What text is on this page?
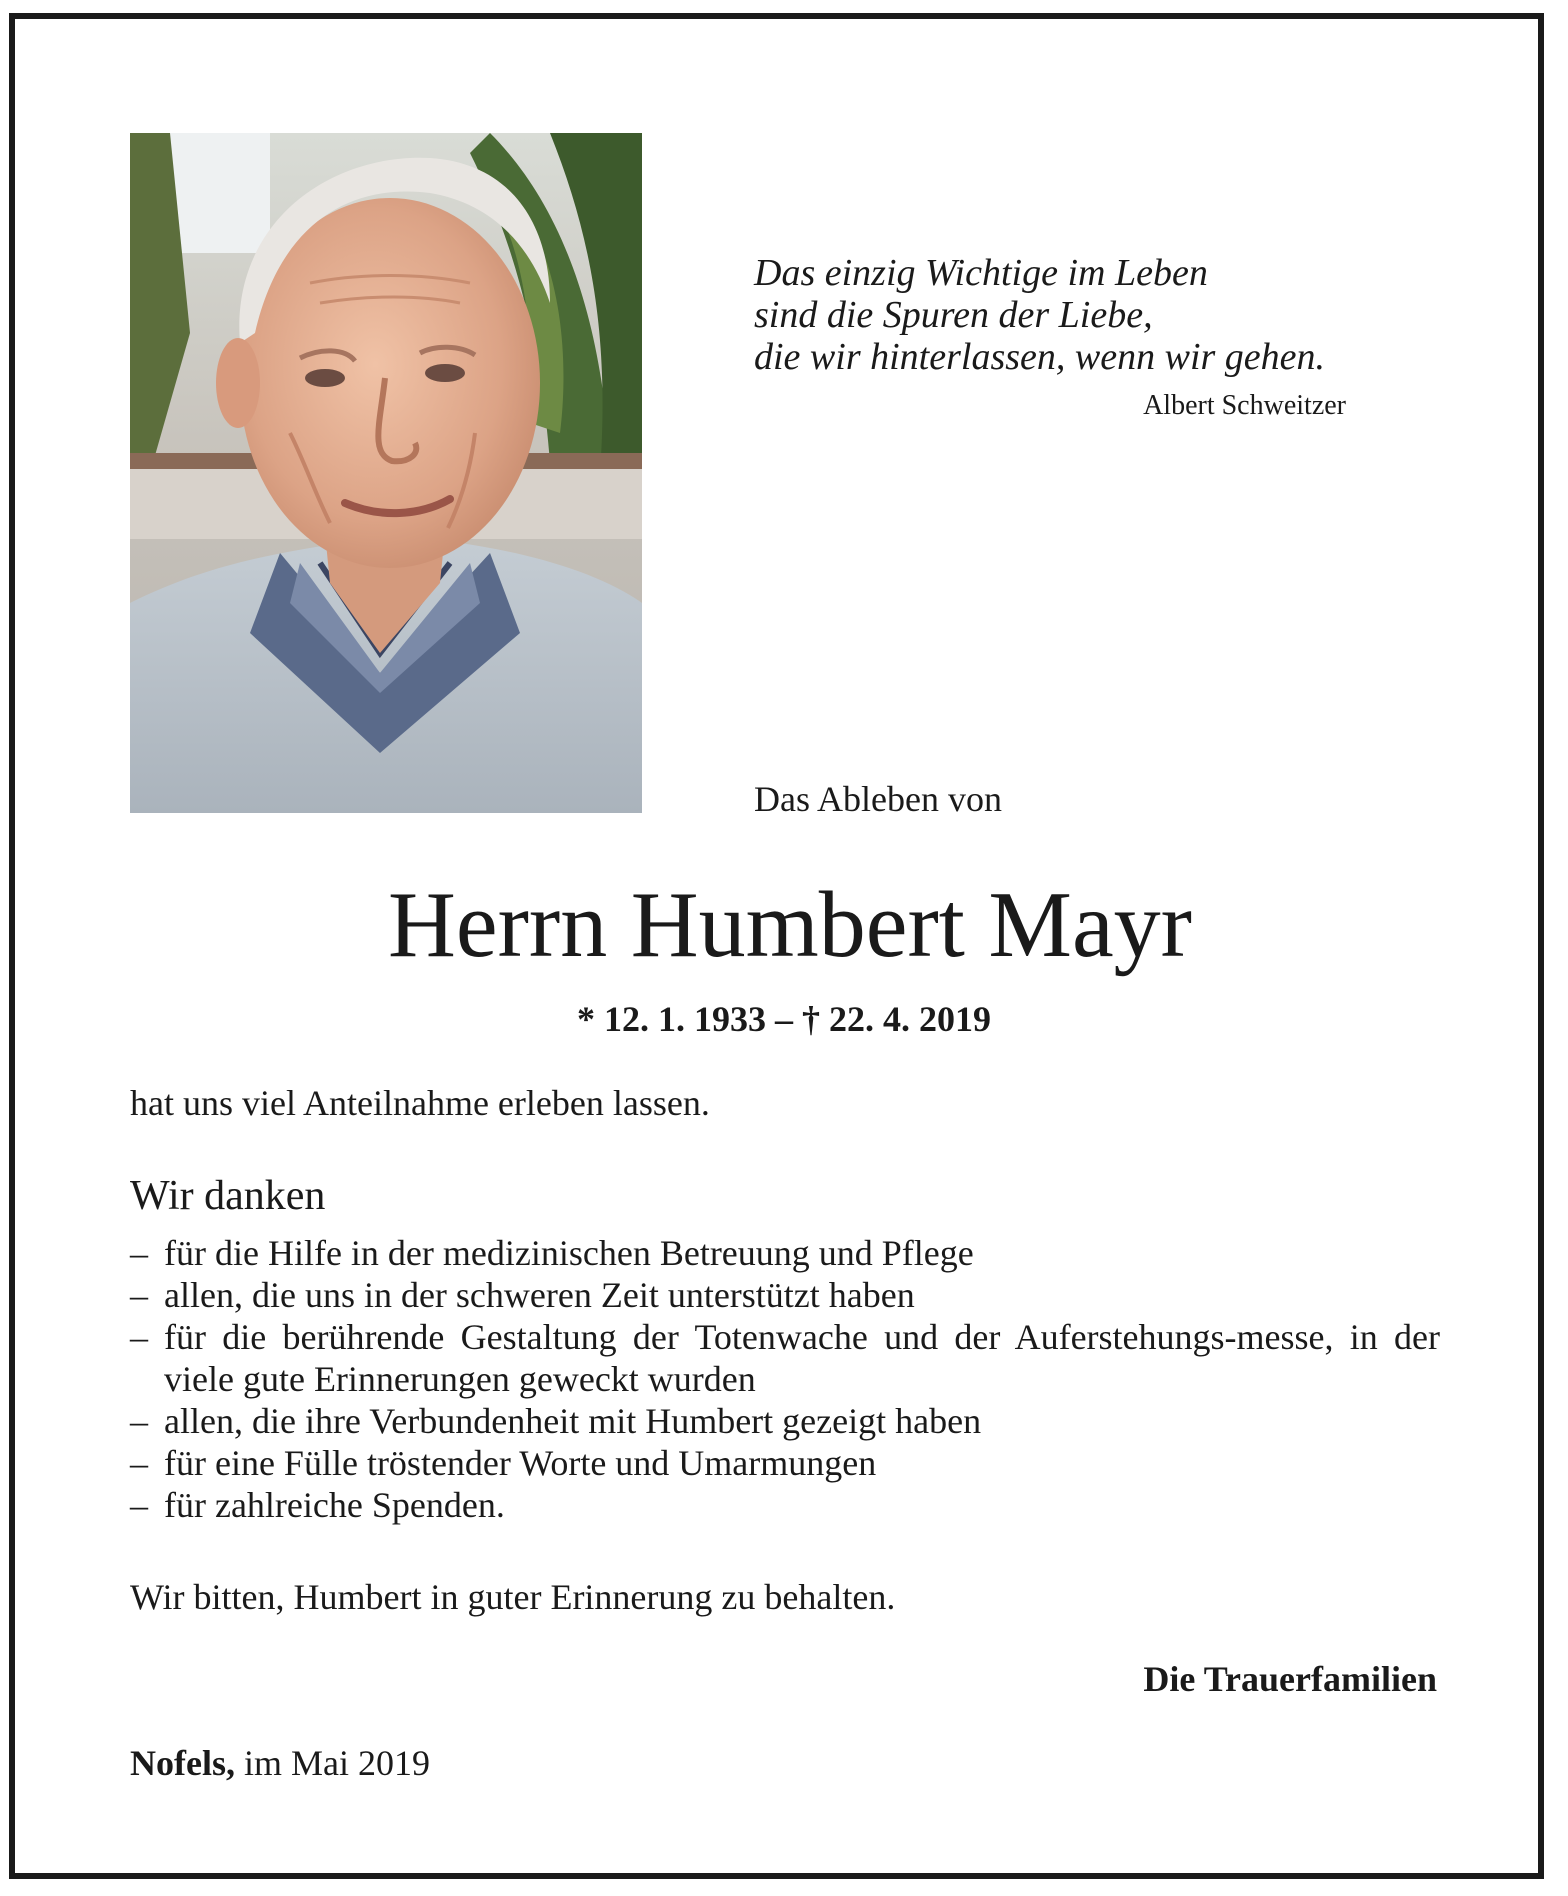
Das einzig Wichtige im Leben
sind die Spuren der Liebe,
die wir hinterlassen, wenn wir gehen.
Albert Schweitzer
Das Ableben von
Herrn Humbert Mayr
* 12. 1. 1933 – † 22. 4. 2019
hat uns viel Anteilnahme erleben lassen.
Wir danken
– für die Hilfe in der medizinischen Betreuung und Pflege
– allen, die uns in der schweren Zeit unterstützt haben
– für die berührende Gestaltung der Totenwache und der Auferstehungs-messe, in der viele gute Erinnerungen geweckt wurden
– allen, die ihre Verbundenheit mit Humbert gezeigt haben
– für eine Fülle tröstender Worte und Umarmungen
– für zahlreiche Spenden.
Wir bitten, Humbert in guter Erinnerung zu behalten.
Die Trauerfamilien
Nofels, im Mai 2019
